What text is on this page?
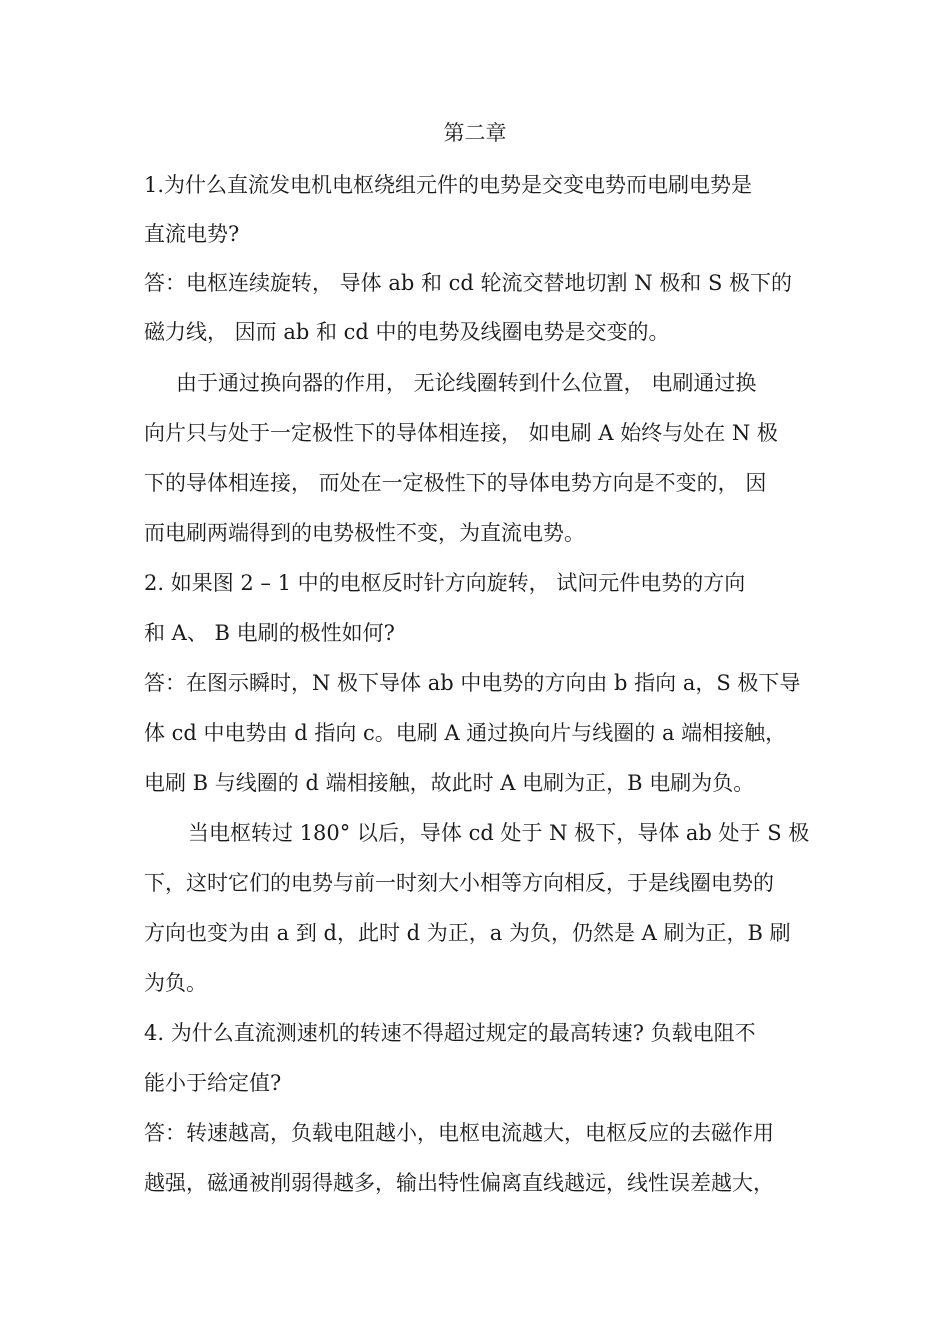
第二章

1.为什么直流发电机电枢绕组元件的电势是交变电势而电刷电势是

直流电势?

答：电枢连续旋转， 导体 ab 和 cd 轮流交替地切割 N 极和 S 极下的

磁力线， 因而 ab 和 cd 中的电势及线圈电势是交变的。

由于通过换向器的作用， 无论线圈转到什么位置， 电刷通过换

向片只与处于一定极性下的导体相连接， 如电刷 A 始终与处在 N 极

下的导体相连接， 而处在一定极性下的导体电势方向是不变的， 因

而电刷两端得到的电势极性不变，为直流电势。

2. 如果图 2 – 1 中的电枢反时针方向旋转， 试问元件电势的方向

和 A、 B 电刷的极性如何?

答：在图示瞬时，N 极下导体 ab 中电势的方向由 b 指向 a，S 极下导

体 cd 中电势由 d 指向 c。电刷 A 通过换向片与线圈的 a 端相接触，

电刷 B 与线圈的 d 端相接触，故此时 A 电刷为正，B 电刷为负。

当电枢转过 180° 以后，导体 cd 处于 N 极下，导体 ab 处于 S 极

下，这时它们的电势与前一时刻大小相等方向相反，于是线圈电势的

方向也变为由 a 到 d，此时 d 为正，a 为负，仍然是 A 刷为正，B 刷

为负。

4. 为什么直流测速机的转速不得超过规定的最高转速? 负载电阻不

能小于给定值?

答：转速越高，负载电阻越小，电枢电流越大，电枢反应的去磁作用

越强，磁通被削弱得越多，输出特性偏离直线越远，线性误差越大，
